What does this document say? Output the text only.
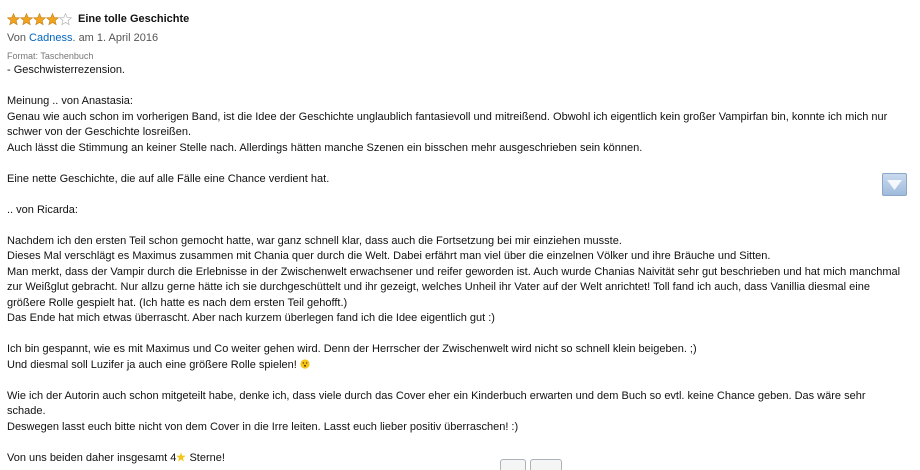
Eine tolle Geschichte
Von Cadness. am 1. April 2016
Format: Taschenbuch

- Geschwisterrezension.

Meinung .. von Anastasia:

Genau wie auch schon im vorherigen Band, ist die Idee der Geschichte unglaublich fantasievoll und mitreißend. Obwohl ich eigentlich kein großer Vampirfan bin, konnte ich mich nur schwer von der Geschichte losreißen.

Auch lässt die Stimmung an keiner Stelle nach. Allerdings hätten manche Szenen ein bisschen mehr ausgeschrieben sein können.

Eine nette Geschichte, die auf alle Fälle eine Chance verdient hat.

.. von Ricarda:

Nachdem ich den ersten Teil schon gemocht hatte, war ganz schnell klar, dass auch die Fortsetzung bei mir einziehen musste.

Dieses Mal verschlägt es Maximus zusammen mit Chania quer durch die Welt. Dabei erfährt man viel über die einzelnen Völker und ihre Bräuche und Sitten.

Man merkt, dass der Vampir durch die Erlebnisse in der Zwischenwelt erwachsener und reifer geworden ist. Auch wurde Chanias Naivität sehr gut beschrieben und hat mich manchmal zur Weißglut gebracht. Nur allzu gerne hätte ich sie durchgeschüttelt und ihr gezeigt, welches Unheil ihr Vater auf der Welt anrichtet! Toll fand ich auch, dass Vanillia diesmal eine größere Rolle gespielt hat. (Ich hatte es nach dem ersten Teil gehofft.)

Das Ende hat mich etwas überrascht. Aber nach kurzem überlegen fand ich die Idee eigentlich gut :)

Ich bin gespannt, wie es mit Maximus und Co weiter gehen wird. Denn der Herrscher der Zwischenwelt wird nicht so schnell klein beigeben. ;)

Und diesmal soll Luzifer ja auch eine größere Rolle spielen!

Wie ich der Autorin auch schon mitgeteilt habe, denke ich, dass viele durch das Cover eher ein Kinderbuch erwarten und dem Buch so evtl. keine Chance geben. Das wäre sehr schade.

Deswegen lasst euch bitte nicht von dem Cover in die Irre leiten. Lasst euch lieber positiv überraschen! :)

Von uns beiden daher insgesamt 4 Sterne!
